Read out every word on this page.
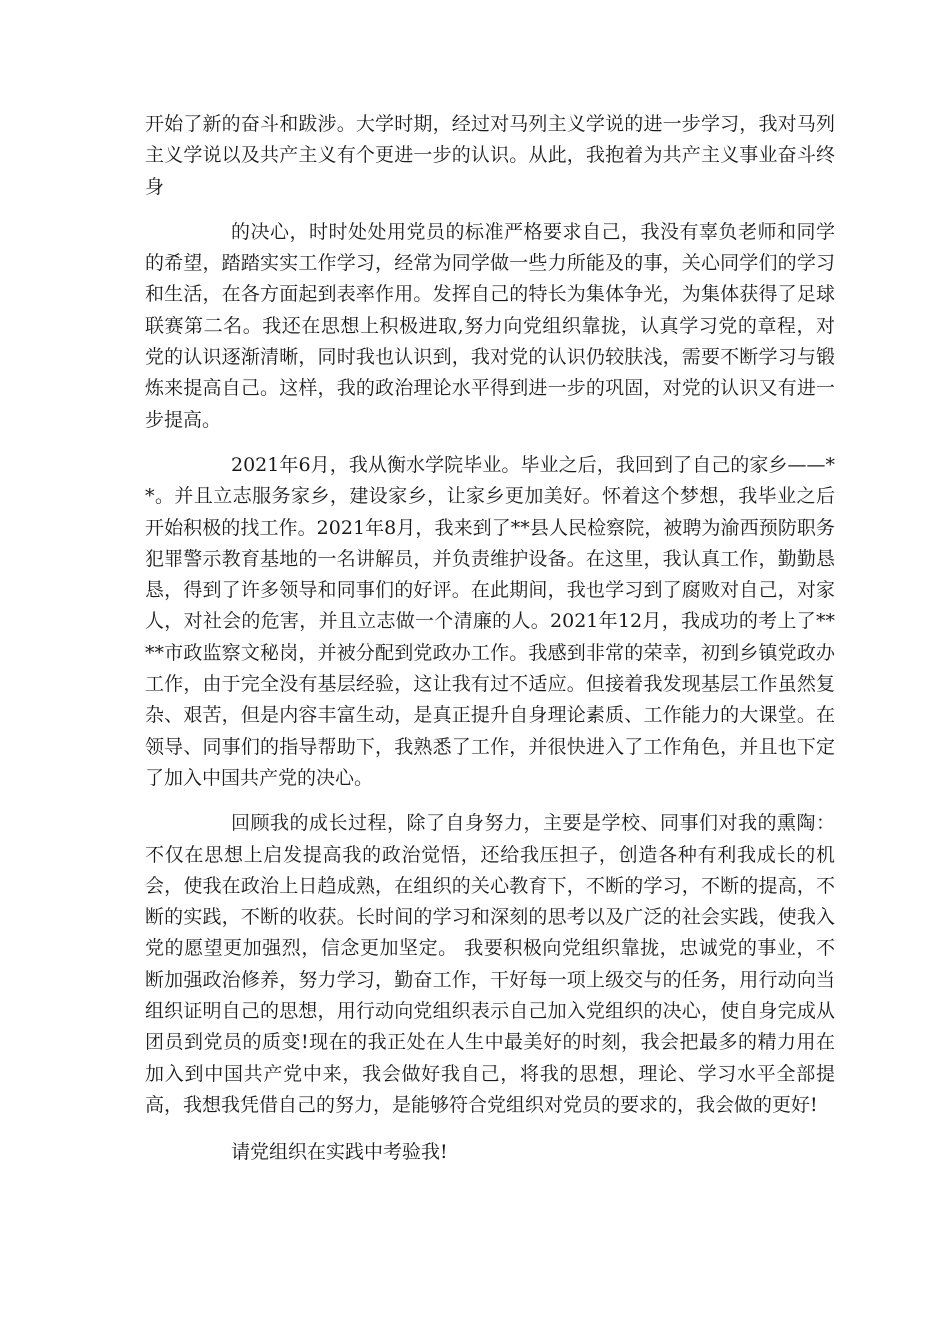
开始了新的奋斗和跋涉。大学时期，经过对马列主义学说的进一步学习，我对马列主义学说以及共产主义有个更进一步的认识。从此，我抱着为共产主义事业奋斗终身

的决心，时时处处用党员的标准严格要求自己，我没有辜负老师和同学的希望，踏踏实实工作学习，经常为同学做一些力所能及的事，关心同学们的学习和生活，在各方面起到表率作用。发挥自己的特长为集体争光，为集体获得了足球联赛第二名。我还在思想上积极进取,努力向党组织靠拢，认真学习党的章程，对党的认识逐渐清晰，同时我也认识到，我对党的认识仍较肤浅，需要不断学习与锻炼来提高自己。这样，我的政治理论水平得到进一步的巩固，对党的认识又有进一步提高。

2021年6月，我从衡水学院毕业。毕业之后，我回到了自己的家乡——**。并且立志服务家乡，建设家乡，让家乡更加美好。怀着这个梦想，我毕业之后开始积极的找工作。2021年8月，我来到了**县人民检察院，被聘为渝西预防职务犯罪警示教育基地的一名讲解员，并负责维护设备。在这里，我认真工作，勤勤恳恳，得到了许多领导和同事们的好评。在此期间，我也学习到了腐败对自己，对家人，对社会的危害，并且立志做一个清廉的人。2021年12月，我成功的考上了****市政监察文秘岗，并被分配到党政办工作。我感到非常的荣幸，初到乡镇党政办工作，由于完全没有基层经验，这让我有过不适应。但接着我发现基层工作虽然复杂、艰苦，但是内容丰富生动，是真正提升自身理论素质、工作能力的大课堂。在领导、同事们的指导帮助下，我熟悉了工作，并很快进入了工作角色，并且也下定了加入中国共产党的决心。

回顾我的成长过程，除了自身努力，主要是学校、同事们对我的熏陶：不仅在思想上启发提高我的政治觉悟，还给我压担子，创造各种有利我成长的机会，使我在政治上日趋成熟，在组织的关心教育下，不断的学习，不断的提高，不断的实践，不断的收获。长时间的学习和深刻的思考以及广泛的社会实践，使我入党的愿望更加强烈，信念更加坚定。 我要积极向党组织靠拢，忠诚党的事业，不断加强政治修养，努力学习，勤奋工作，干好每一项上级交与的任务，用行动向当组织证明自己的思想，用行动向党组织表示自己加入党组织的决心，使自身完成从团员到党员的质变!现在的我正处在人生中最美好的时刻，我会把最多的精力用在加入到中国共产党中来，我会做好我自己，将我的思想，理论、学习水平全部提高，我想我凭借自己的努力，是能够符合党组织对党员的要求的，我会做的更好!

请党组织在实践中考验我!
